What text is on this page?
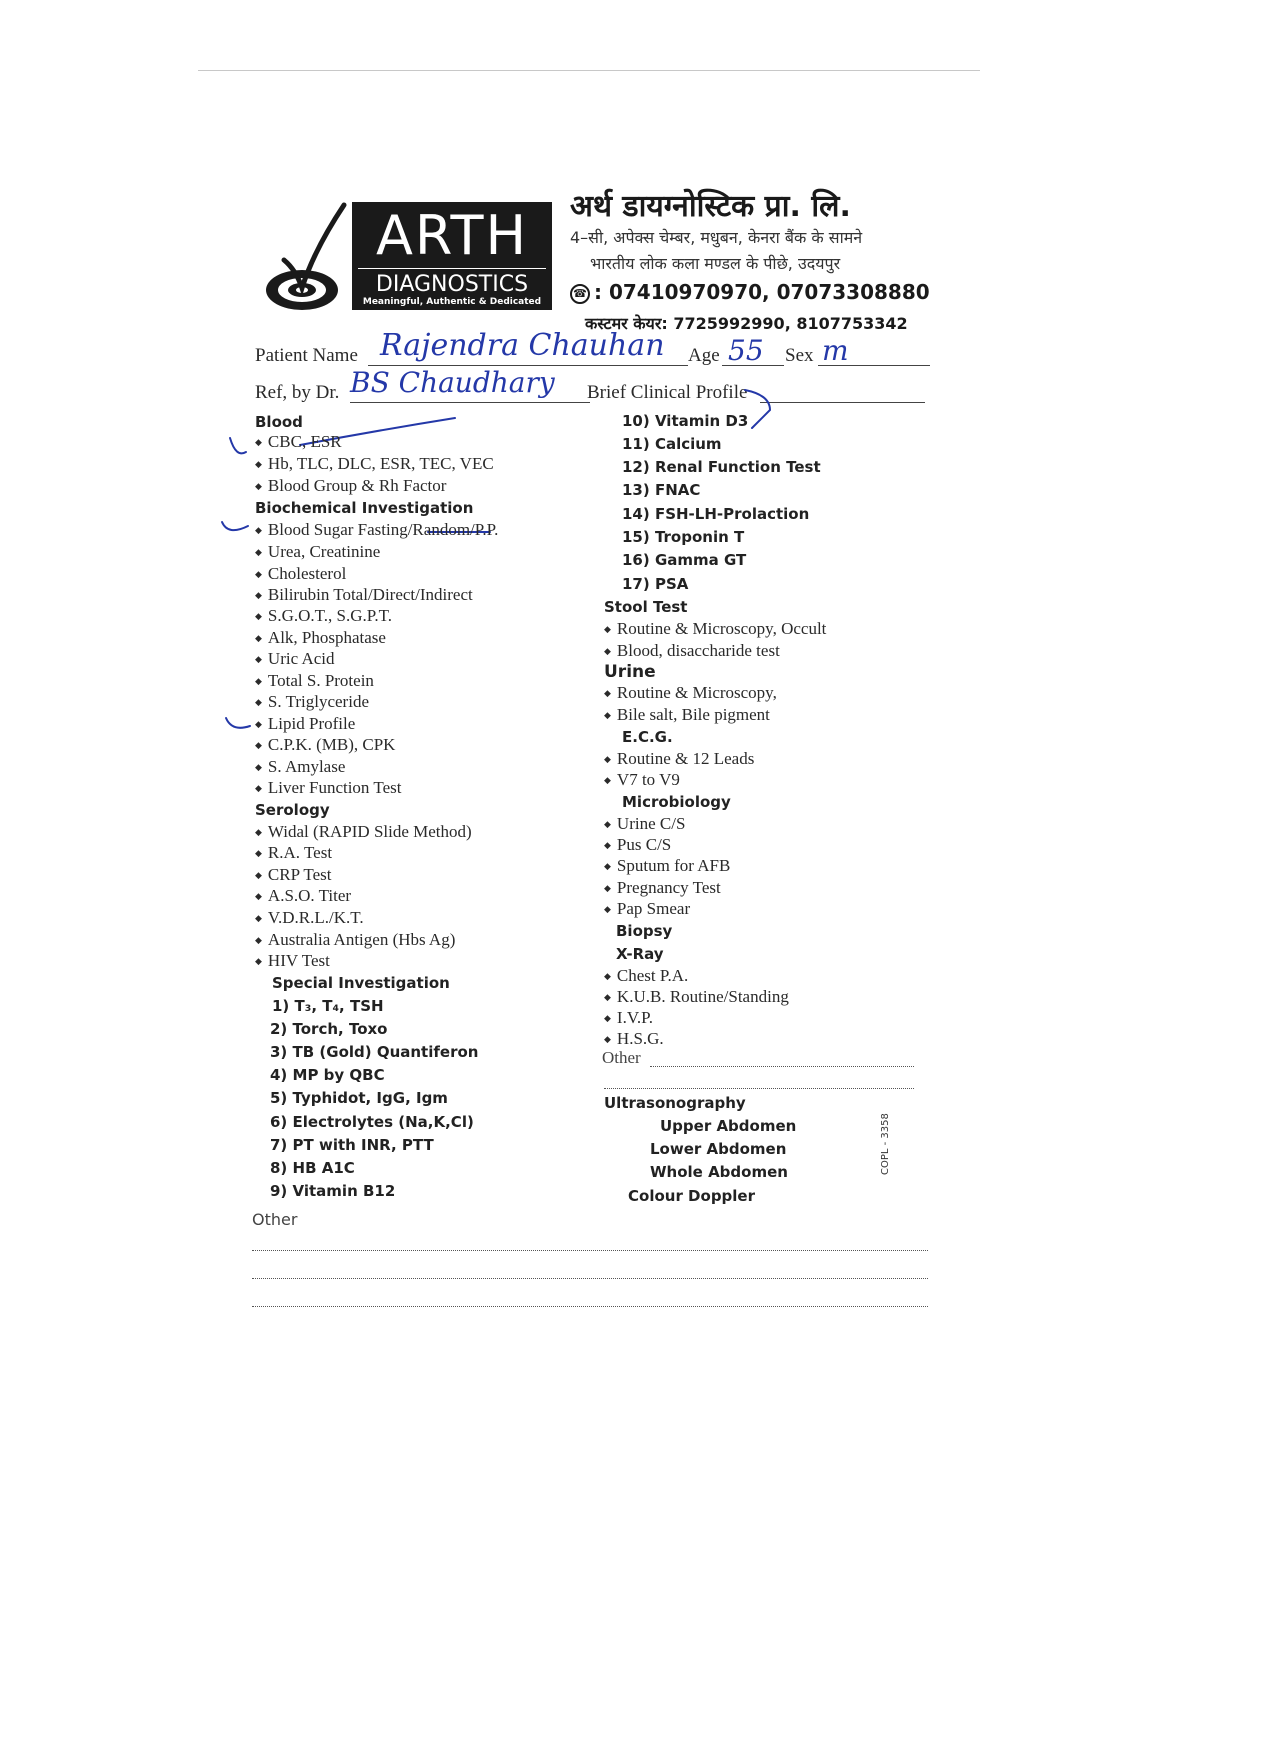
ARTH
DIAGNOSTICS
Meaningful, Authentic & Dedicated
अर्थ डायग्नोस्टिक प्रा. लि.
4–सी, अपेक्स चेम्बर, मधुबन, केनरा बैंक के सामने
भारतीय लोक कला मण्डल के पीछे, उदयपुर
☎ : 07410970970, 07073308880
कस्टमर केयर: 7725992990, 8107753342
Patient Name Rajendra Chauhan Age 55 Sex m
Ref, by Dr. BS Chaudhary Brief Clinical Profile
Blood
◆ CBC, ESR
◆ Hb, TLC, DLC, ESR, TEC, VEC
◆ Blood Group & Rh Factor
Biochemical Investigation
◆ Blood Sugar Fasting/Random/P.P.
◆ Urea, Creatinine
◆ Cholesterol
◆ Bilirubin Total/Direct/Indirect
◆ S.G.O.T., S.G.P.T.
◆ Alk, Phosphatase
◆ Uric Acid
◆ Total S. Protein
◆ S. Triglyceride
◆ Lipid Profile
◆ C.P.K. (MB), CPK
◆ S. Amylase
◆ Liver Function Test
Serology
◆ Widal (RAPID Slide Method)
◆ R.A. Test
◆ CRP Test
◆ A.S.O. Titer
◆ V.D.R.L./K.T.
◆ Australia Antigen (Hbs Ag)
◆ HIV Test
Special Investigation
1) T₃, T₄, TSH
2) Torch, Toxo
3) TB (Gold) Quantiferon
4) MP by QBC
5) Typhidot, IgG, Igm
6) Electrolytes (Na,K,Cl)
7) PT with INR, PTT
8) HB A1C
9) Vitamin B12
Other
10) Vitamin D3
11) Calcium
12) Renal Function Test
13) FNAC
14) FSH-LH-Prolaction
15) Troponin T
16) Gamma GT
17) PSA
Stool Test
◆ Routine & Microscopy, Occult
◆ Blood, disaccharide test
Urine
◆ Routine & Microscopy,
◆ Bile salt, Bile pigment
E.C.G.
◆ Routine & 12 Leads
◆ V7 to V9
Microbiology
◆ Urine C/S
◆ Pus C/S
◆ Sputum for AFB
◆ Pregnancy Test
◆ Pap Smear
Biopsy
X-Ray
◆ Chest P.A.
◆ K.U.B. Routine/Standing
◆ I.V.P.
◆ H.S.G.
Other
Ultrasonography
Upper Abdomen
Lower Abdomen
Whole Abdomen
Colour Doppler
COPL - 3358
